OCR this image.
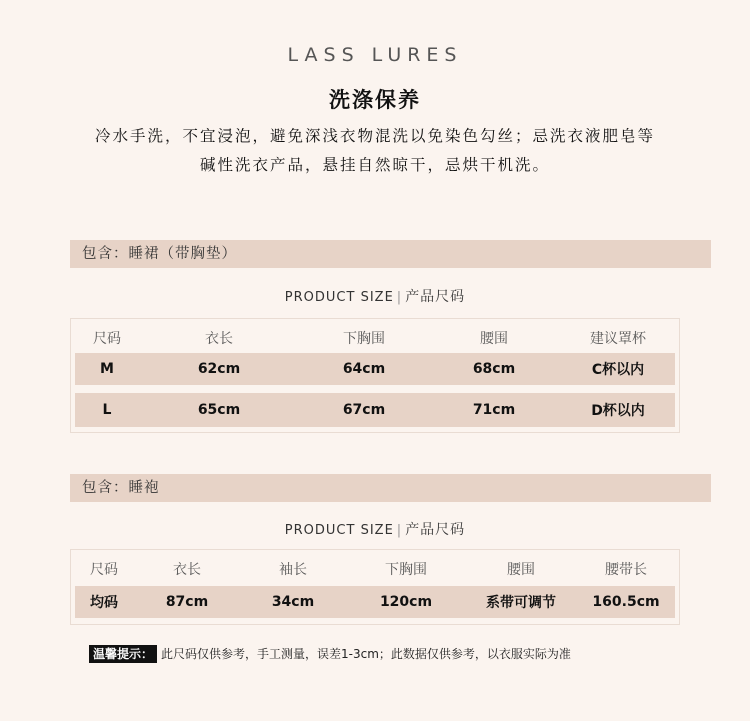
LASS LURES
洗涤保养
冷水手洗，不宜浸泡，避免深浅衣物混洗以免染色勾丝；忌洗衣液肥皂等
碱性洗衣产品，悬挂自然晾干，忌烘干机洗。
包含：睡裙（带胸垫）
PRODUCT SIZE | 产品尺码
尺码	衣长	下胸围	腰围	建议罩杯
M	62cm	64cm	68cm	C杯以内
L	65cm	67cm	71cm	D杯以内
包含：睡袍
PRODUCT SIZE | 产品尺码
尺码	衣长	袖长	下胸围	腰围	腰带长
均码	87cm	34cm	120cm	系带可调节	160.5cm
温馨提示： 此尺码仅供参考，手工测量，误差1-3cm；此数据仅供参考，以衣服实际为准
